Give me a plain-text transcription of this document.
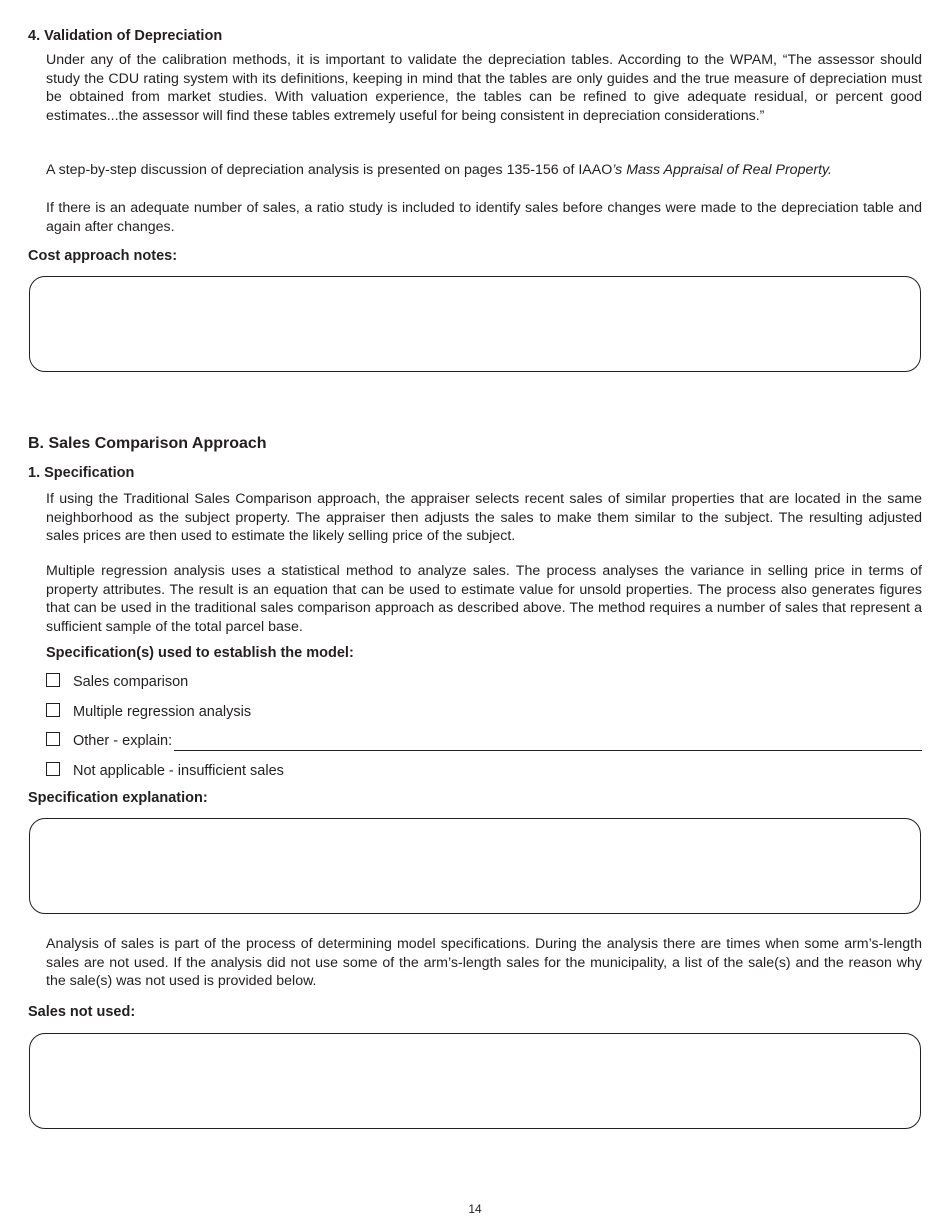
4. Validation of Depreciation

Under any of the calibration methods, it is important to validate the depreciation tables. According to the WPAM, “The assessor should study the CDU rating system with its definitions, keeping in mind that the tables are only guides and the true measure of depreciation must be obtained from market studies. With valuation experience, the tables can be refined to give adequate residual, or percent good estimates...the assessor will find these tables extremely useful for being consistent in depreciation considerations.”

A step-by-step discussion of depreciation analysis is presented on pages 135-156 of IAAO’s Mass Appraisal of Real Property.

If there is an adequate number of sales, a ratio study is included to identify sales before changes were made to the depreciation table and again after changes.

Cost approach notes:
B. Sales Comparison Approach
1. Specification

If using the Traditional Sales Comparison approach, the appraiser selects recent sales of similar properties that are located in the same neighborhood as the subject property. The appraiser then adjusts the sales to make them similar to the subject. The resulting adjusted sales prices are then used to estimate the likely selling price of the subject.

Multiple regression analysis uses a statistical method to analyze sales. The process analyses the variance in selling price in terms of property attributes. The result is an equation that can be used to estimate value for unsold properties. The process also generates figures that can be used in the traditional sales comparison approach as described above. The method requires a number of sales that represent a sufficient sample of the total parcel base.

Specification(s) used to establish the model:
Sales comparison
Multiple regression analysis
Other - explain:
Not applicable - insufficient sales
Specification explanation:

Analysis of sales is part of the process of determining model specifications. During the analysis there are times when some arm’s-length sales are not used. If the analysis did not use some of the arm’s-length sales for the municipality, a list of the sale(s) and the reason why the sale(s) was not used is provided below.

Sales not used:
14
